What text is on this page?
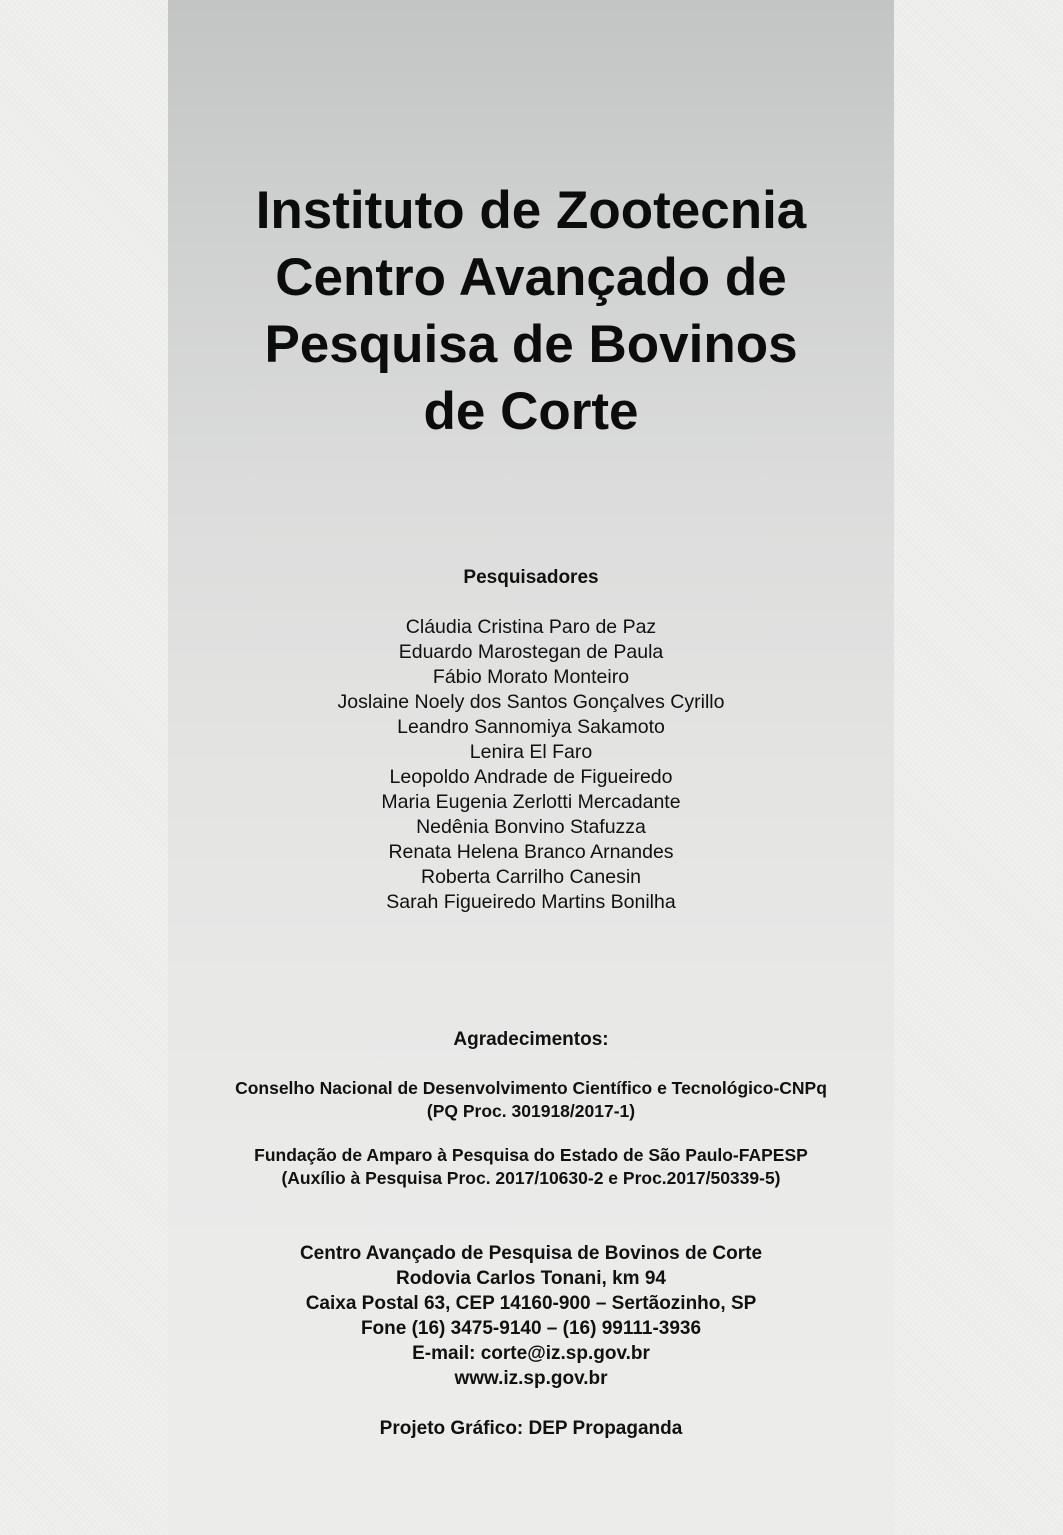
Instituto de Zootecnia
Centro Avançado de
Pesquisa de Bovinos
de Corte
Pesquisadores
Cláudia Cristina Paro de Paz
Eduardo Marostegan de Paula
Fábio Morato Monteiro
Joslaine Noely dos Santos Gonçalves Cyrillo
Leandro Sannomiya Sakamoto
Lenira El Faro
Leopoldo Andrade de Figueiredo
Maria Eugenia Zerlotti Mercadante
Nedênia Bonvino Stafuzza
Renata Helena Branco Arnandes
Roberta Carrilho Canesin
Sarah Figueiredo Martins Bonilha
Agradecimentos:

Conselho Nacional de Desenvolvimento Científico e Tecnológico-CNPq
(PQ Proc. 301918/2017-1)

Fundação de Amparo à Pesquisa do Estado de São Paulo-FAPESP
(Auxílio à Pesquisa Proc. 2017/10630-2 e Proc.2017/50339-5)

Centro Avançado de Pesquisa de Bovinos de Corte
Rodovia Carlos Tonani, km 94
Caixa Postal 63, CEP 14160-900 – Sertãozinho, SP
Fone (16) 3475-9140 – (16) 99111-3936
E-mail: corte@iz.sp.gov.br
www.iz.sp.gov.br

Projeto Gráfico: DEP Propaganda
